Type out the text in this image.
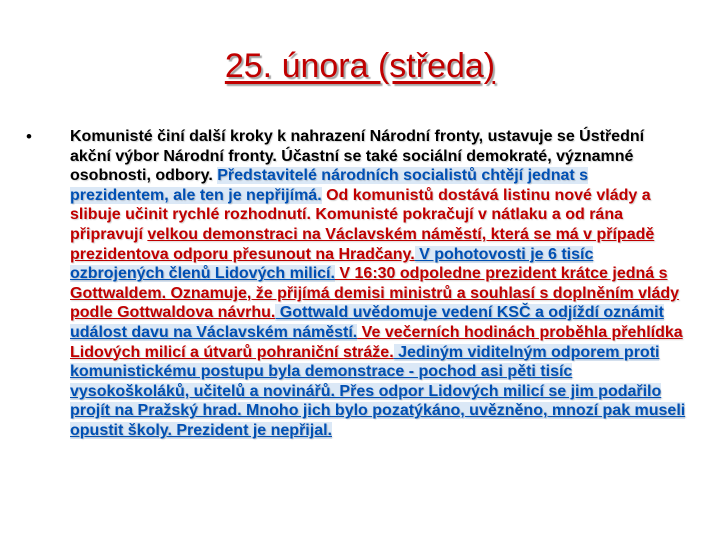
25. února (středa)
• Komunisté činí další kroky k nahrazení Národní fronty, ustavuje se Ústřední akční výbor Národní fronty. Účastní se také sociální demokraté, významné osobnosti, odbory. Představitelé národních socialistů chtějí jednat s prezidentem, ale ten je nepřijímá. Od komunistů dostává listinu nové vlády a slibuje učinit rychlé rozhodnutí. Komunisté pokračují v nátlaku a od rána připravují velkou demonstraci na Václavském náměstí, která se má v případě prezidentova odporu přesunout na Hradčany. V pohotovosti je 6 tisíc ozbrojených členů Lidových milicí. V 16:30 odpoledne prezident krátce jedná s Gottwaldem. Oznamuje, že přijímá demisi ministrů a souhlasí s doplněním vlády podle Gottwaldova návrhu. Gottwald uvědomuje vedení KSČ a odjíždí oznámit událost davu na Václavském náměstí. Ve večerních hodinách proběhla přehlídka Lidových milicí a útvarů pohraniční stráže. Jediným viditelným odporem proti komunistickému postupu byla demonstrace - pochod asi pěti tisíc vysokoškoláků, učitelů a novinářů. Přes odpor Lidových milicí se jim podařilo projít na Pražský hrad. Mnoho jich bylo pozatýkáno, uvězněno, mnozí pak museli opustit školy. Prezident je nepřijal.
